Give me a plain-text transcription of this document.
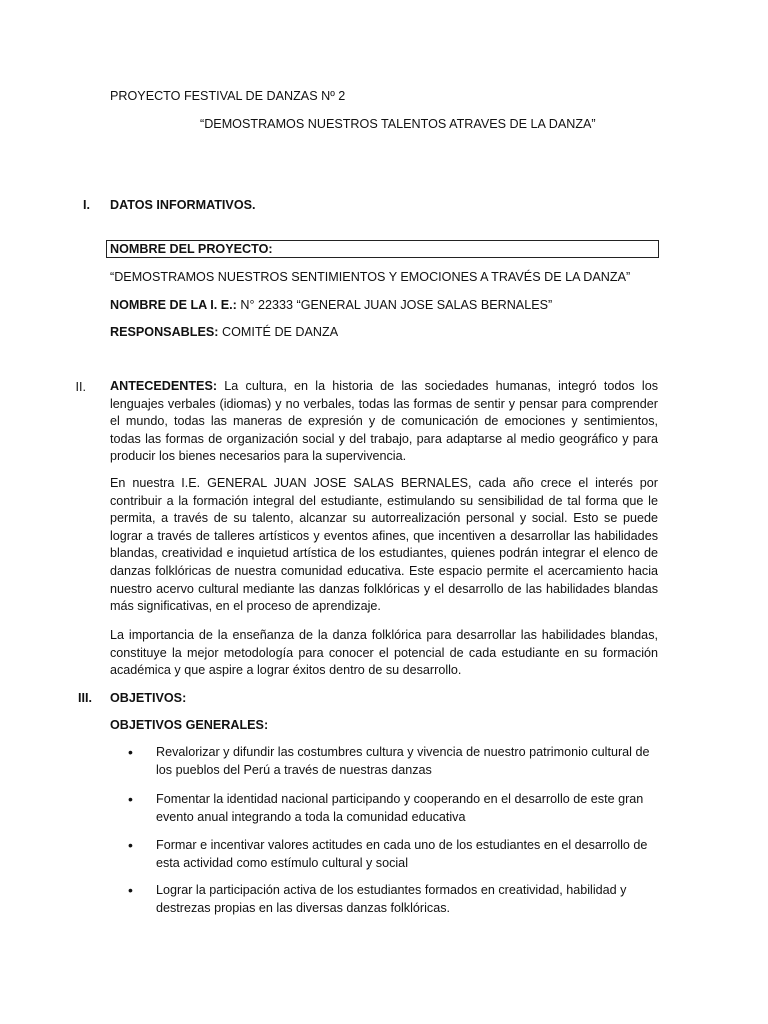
PROYECTO FESTIVAL DE DANZAS Nº 2
“DEMOSTRAMOS NUESTROS TALENTOS ATRAVES DE LA DANZA”
I. DATOS INFORMATIVOS.
NOMBRE DEL PROYECTO:
“DEMOSTRAMOS NUESTROS SENTIMIENTOS Y EMOCIONES A TRAVÉS DE LA DANZA”
NOMBRE DE LA I. E.: N° 22333 “GENERAL JUAN JOSE SALAS BERNALES”
RESPONSABLES: COMITÉ DE DANZA
II. ANTECEDENTES: La cultura, en la historia de las sociedades humanas, integró todos los lenguajes verbales (idiomas) y no verbales, todas las formas de sentir y pensar para comprender el mundo, todas las maneras de expresión y de comunicación de emociones y sentimientos, todas las formas de organización social y del trabajo, para adaptarse al medio geográfico y para producir los bienes necesarios para la supervivencia.

En nuestra I.E. GENERAL JUAN JOSE SALAS BERNALES, cada año crece el interés por contribuir a la formación integral del estudiante, estimulando su sensibilidad de tal forma que le permita, a través de su talento, alcanzar su autorrealización personal y social. Esto se puede lograr a través de talleres artísticos y eventos afines, que incentiven a desarrollar las habilidades blandas, creatividad e inquietud artística de los estudiantes, quienes podrán integrar el elenco de danzas folklóricas de nuestra comunidad educativa. Este espacio permite el acercamiento hacia nuestro acervo cultural mediante las danzas folklóricas y el desarrollo de las habilidades blandas más significativas, en el proceso de aprendizaje.

La importancia de la enseñanza de la danza folklórica para desarrollar las habilidades blandas, constituye la mejor metodología para conocer el potencial de cada estudiante en su formación académica y que aspire a lograr éxitos dentro de su desarrollo.

III. OBJETIVOS:
OBJETIVOS GENERALES:
•	Revalorizar y difundir las costumbres cultura y vivencia de nuestro patrimonio cultural de los pueblos del Perú a través de nuestras danzas
•	Fomentar la identidad nacional participando y cooperando en el desarrollo de este gran evento anual integrando a toda la comunidad educativa
•	Formar e incentivar valores actitudes en cada uno de los estudiantes en el desarrollo de esta actividad como estímulo cultural y social
•	Lograr la participación activa de los estudiantes formados en creatividad, habilidad y destrezas propias en las diversas danzas folklóricas.
